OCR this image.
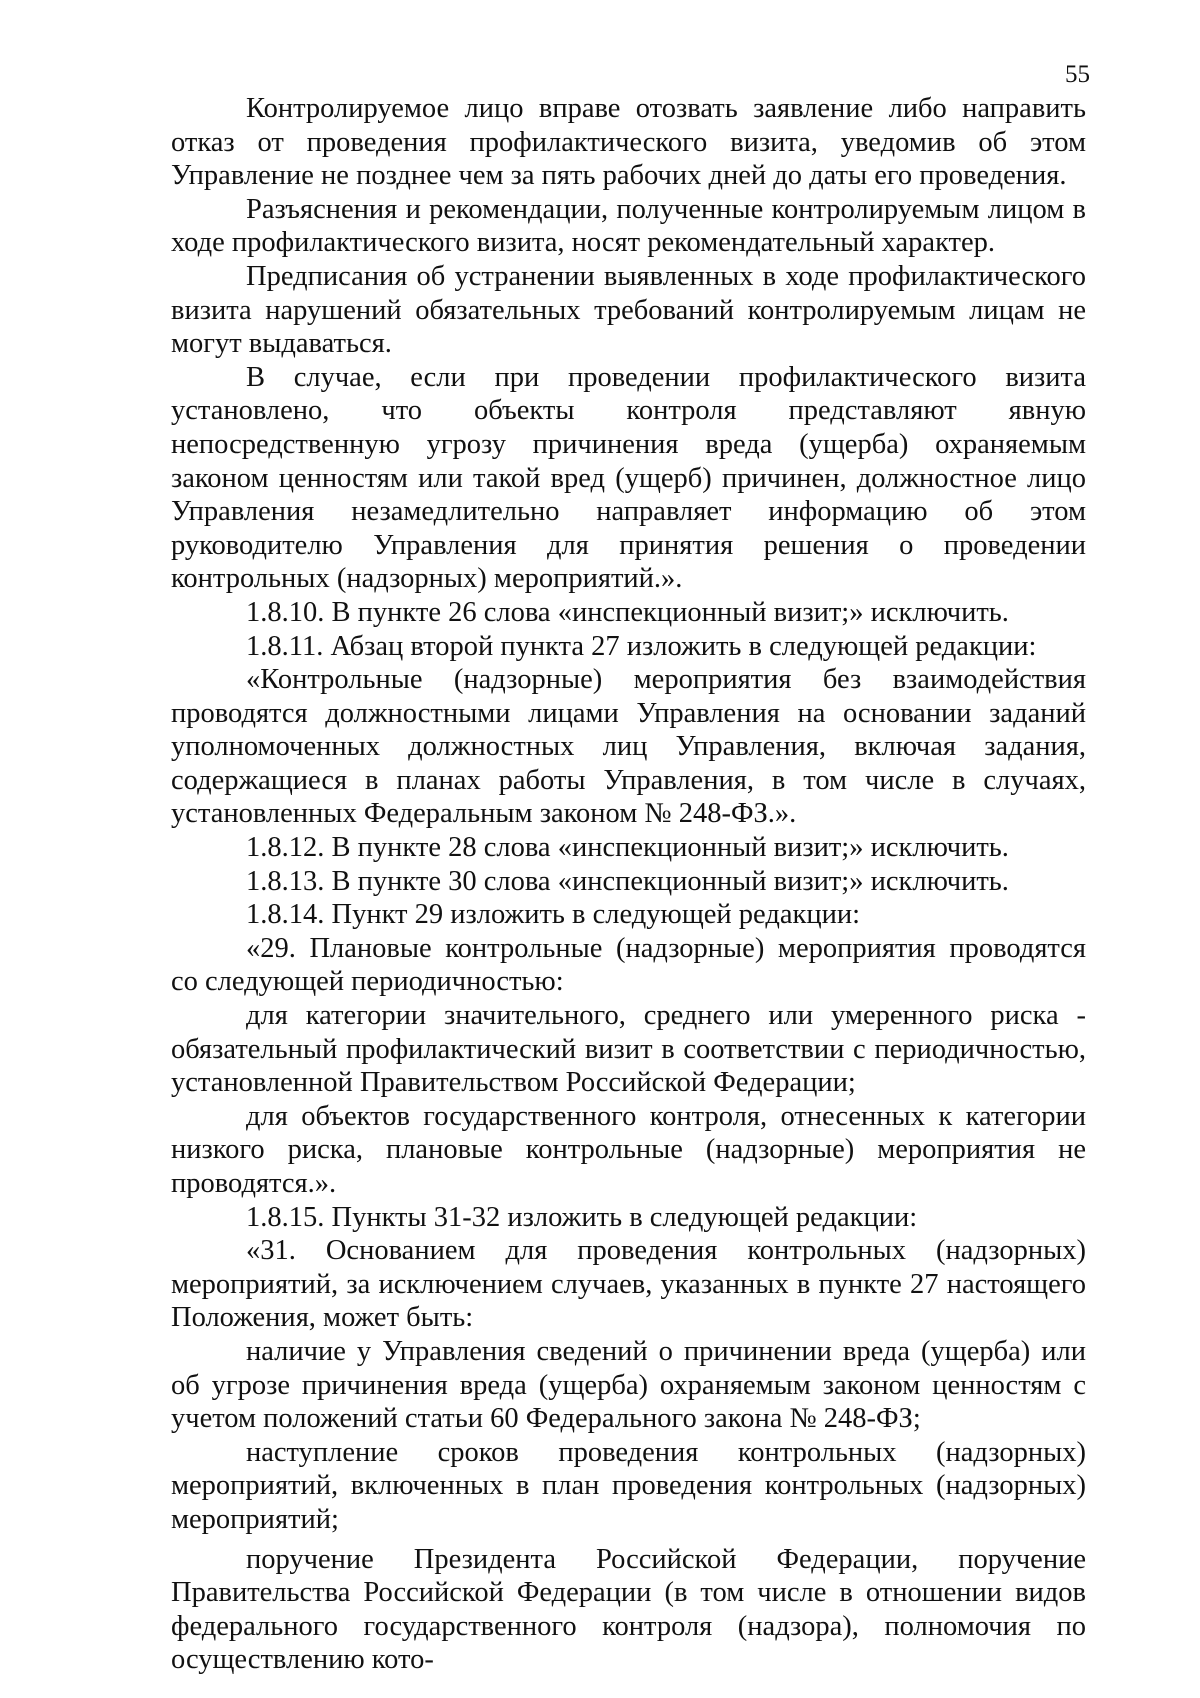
55

Контролируемое лицо вправе отозвать заявление либо направить отказ от проведения профилактического визита, уведомив об этом Управление не позднее чем за пять рабочих дней до даты его проведения.

Разъяснения и рекомендации, полученные контролируемым лицом в ходе профилактического визита, носят рекомендательный характер.

Предписания об устранении выявленных в ходе профилактического визита нарушений обязательных требований контролируемым лицам не могут выдаваться.

В случае, если при проведении профилактического визита установлено, что объекты контроля представляют явную непосредственную угрозу причинения вреда (ущерба) охраняемым законом ценностям или такой вред (ущерб) причинен, должностное лицо Управления незамедлительно направляет информацию об этом руководителю Управления для принятия решения о проведении контрольных (надзорных) мероприятий.».

1.8.10. В пункте 26 слова «инспекционный визит;» исключить.

1.8.11. Абзац второй пункта 27 изложить в следующей редакции:

«Контрольные (надзорные) мероприятия без взаимодействия проводятся должностными лицами Управления на основании заданий уполномоченных должностных лиц Управления, включая задания, содержащиеся в планах работы Управления, в том числе в случаях, установленных Федеральным законом № 248-ФЗ.».

1.8.12. В пункте 28 слова «инспекционный визит;» исключить.

1.8.13. В пункте 30 слова «инспекционный визит;» исключить.

1.8.14. Пункт 29 изложить в следующей редакции:

«29. Плановые контрольные (надзорные) мероприятия проводятся со следующей периодичностью:

для категории значительного, среднего или умеренного риска - обязательный профилактический визит в соответствии с периодичностью, установленной Правительством Российской Федерации;

для объектов государственного контроля, отнесенных к категории низкого риска, плановые контрольные (надзорные) мероприятия не проводятся.».

1.8.15. Пункты 31-32 изложить в следующей редакции:

«31. Основанием для проведения контрольных (надзорных) мероприятий, за исключением случаев, указанных в пункте 27 настоящего Положения, может быть:

наличие у Управления сведений о причинении вреда (ущерба) или об угрозе причинения вреда (ущерба) охраняемым законом ценностям с учетом положений статьи 60 Федерального закона № 248-ФЗ;

наступление сроков проведения контрольных (надзорных) мероприятий, включенных в план проведения контрольных (надзорных) мероприятий;

поручение Президента Российской Федерации, поручение Правительства Российской Федерации (в том числе в отношении видов федерального государственного контроля (надзора), полномочия по осуществлению кото-
